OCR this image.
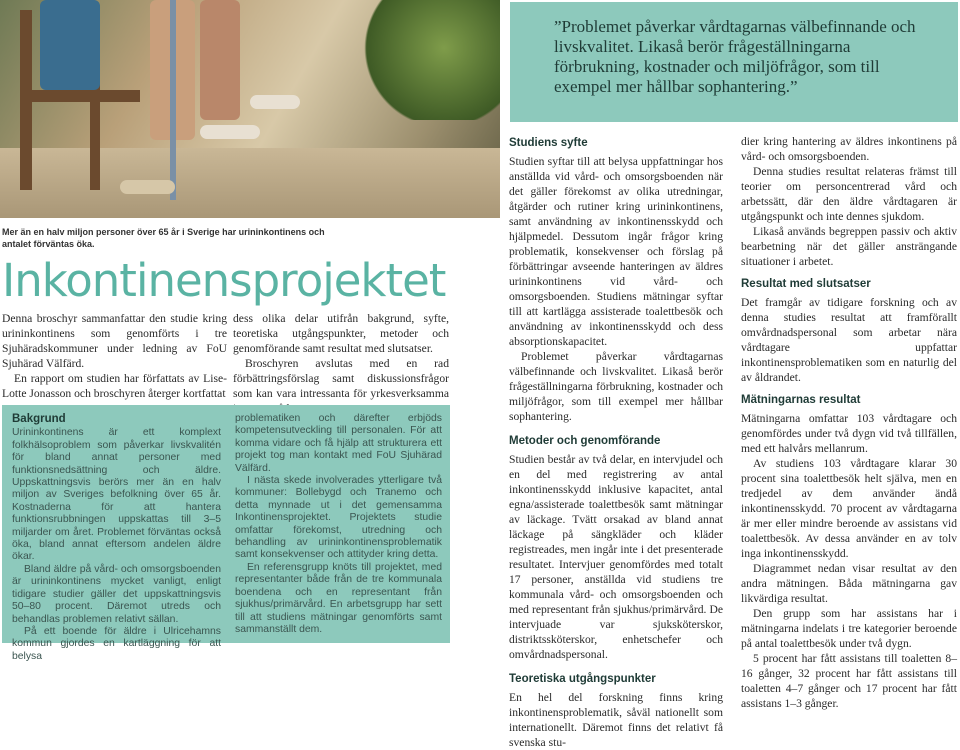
Mer än en halv miljon personer över 65 år i Sverige har urininkontinens och antalet förväntas öka.
Inkontinensprojektet
”Problemet påverkar vårdtagarnas välbefinnande och livskvalitet. Likaså berör frågeställningarna förbrukning, kostnader och miljöfrågor, som till exempel mer hållbar sophantering.”

Denna broschyr sammanfattar den studie kring urininkontinens som genomförts i tre Sjuhäradskommuner under ledning av FoU Sjuhärad Välfärd.

En rapport om studien har författats av Lise-Lotte Jonasson och broschyren återger kortfattat

dess olika delar utifrån bakgrund, syfte, teoretiska utgångspunkter, metoder och genomförande samt resultat med slutsatser.

Broschyren avslutas med en rad förbättringsförslag samt diskussionsfrågor som kan vara intressanta för yrkesverksamma

Bakgrund

Urininkontinens är ett komplext folkhälsoproblem som påverkar livskvalitén för bland annat personer med funktionsnedsättning och äldre. Uppskattningsvis berörs mer än en halv miljon av Sveriges befolkning över 65 år. Kostnaderna för att hantera funktionsrubbningen uppskattas till 3–5 miljarder om året. Problemet förväntas också öka, bland annat eftersom andelen äldre ökar.

Bland äldre på vård- och omsorgsboenden är urininkontinens mycket vanligt, enligt tidigare studier gäller det uppskattningsvis 50–80 procent. Däremot utreds och behandlas problemen relativt sällan.

På ett boende för äldre i Ulricehamns kommun gjordes en kartläggning för att belysa

problematiken och därefter erbjöds kompetensutveckling till personalen. För att komma vidare och få hjälp att strukturera ett projekt tog man kontakt med FoU Sjuhärad Välfärd.

I nästa skede involverades ytterligare två kommuner: Bollebygd och Tranemo och detta mynnade ut i det gemensamma Inkontinensprojektet. Projektets studie omfattar förekomst, utredning och behandling av urininkontinensproblematik samt konsekvenser och attityder kring detta.

En referensgrupp knöts till projektet, med representanter både från de tre kommunala boendena och en representant från sjukhus/primärvård. En arbetsgrupp har sett till att studiens mätningar genomförts samt sammanställt dem.

Studiens syfte

Studien syftar till att belysa uppfattningar hos anställda vid vård- och omsorgsboenden när det gäller förekomst av olika utredningar, åtgärder och rutiner kring urininkontinens, samt användning av inkontinensskydd och hjälpmedel. Dessutom ingår frågor kring problematik, konsekvenser och förslag på förbättringar avseende hanteringen av äldres urininkontinens vid vård- och omsorgsboenden. Studiens mätningar syftar till att kartlägga assisterade toalettbesök och användning av inkontinensskydd och dess absorptionskapacitet.

Problemet påverkar vårdtagarnas välbefinnande och livskvalitet. Likaså berör frågeställningarna förbrukning, kostnader och miljöfrågor, som till exempel mer hållbar sophantering.

Metoder och genomförande

Studien består av två delar, en intervjudel och en del med registrering av antal inkontinensskydd inklusive kapacitet, antal egna/assisterade toalettbesök samt mätningar av läckage. Tvätt orsakad av bland annat läckage på sängkläder och kläder registreades, men ingår inte i det presenterade resultatet. Intervjuer genomfördes med totalt 17 personer, anställda vid studiens tre kommunala vård- och omsorgsboenden och med representant från sjukhus/primärvård. De intervjuade var sjuksköterskor, distriktssköterskor, enhetschefer och omvårdnadspersonal.

Teoretiska utgångspunkter

En hel del forskning finns kring inkontinensproblematik, såväl nationellt som internationellt. Däremot finns det relativt få svenska stu-

dier kring hantering av äldres inkontinens på vård- och omsorgsboenden.

Denna studies resultat relateras främst till teorier om personcentrerad vård och arbetssätt, där den äldre vårdtagaren är utgångspunkt och inte dennes sjukdom.

Likaså används begreppen passiv och aktiv bearbetning när det gäller ansträngande situationer i arbetet.

Resultat med slutsatser

Det framgår av tidigare forskning och av denna studies resultat att framförallt omvårdnadspersonal som arbetar nära vårdtagare uppfattar inkontinensproblematiken som en naturlig del av åldrandet.

Mätningarnas resultat

Mätningarna omfattar 103 vårdtagare och genomfördes under två dygn vid två tillfällen, med ett halvårs mellanrum.

Av studiens 103 vårdtagare klarar 30 procent sina toalettbesök helt själva, men en tredjedel av dem använder ändå inkontinensskydd. 70 procent av vårdtagarna är mer eller mindre beroende av assistans vid toalettbesök. Av dessa använder en av tolv inga inkontinensskydd.

Diagrammet nedan visar resultat av den andra mätningen. Båda mätningarna gav likvärdiga resultat.

Den grupp som har assistans har i mätningarna indelats i tre kategorier beroende på antal toalettbesök under två dygn.

5 procent har fått assistans till toaletten 8–16 gånger, 32 procent har fått assistans till toaletten 4–7 gånger och 17 procent har fått assistans 1–3 gånger.
